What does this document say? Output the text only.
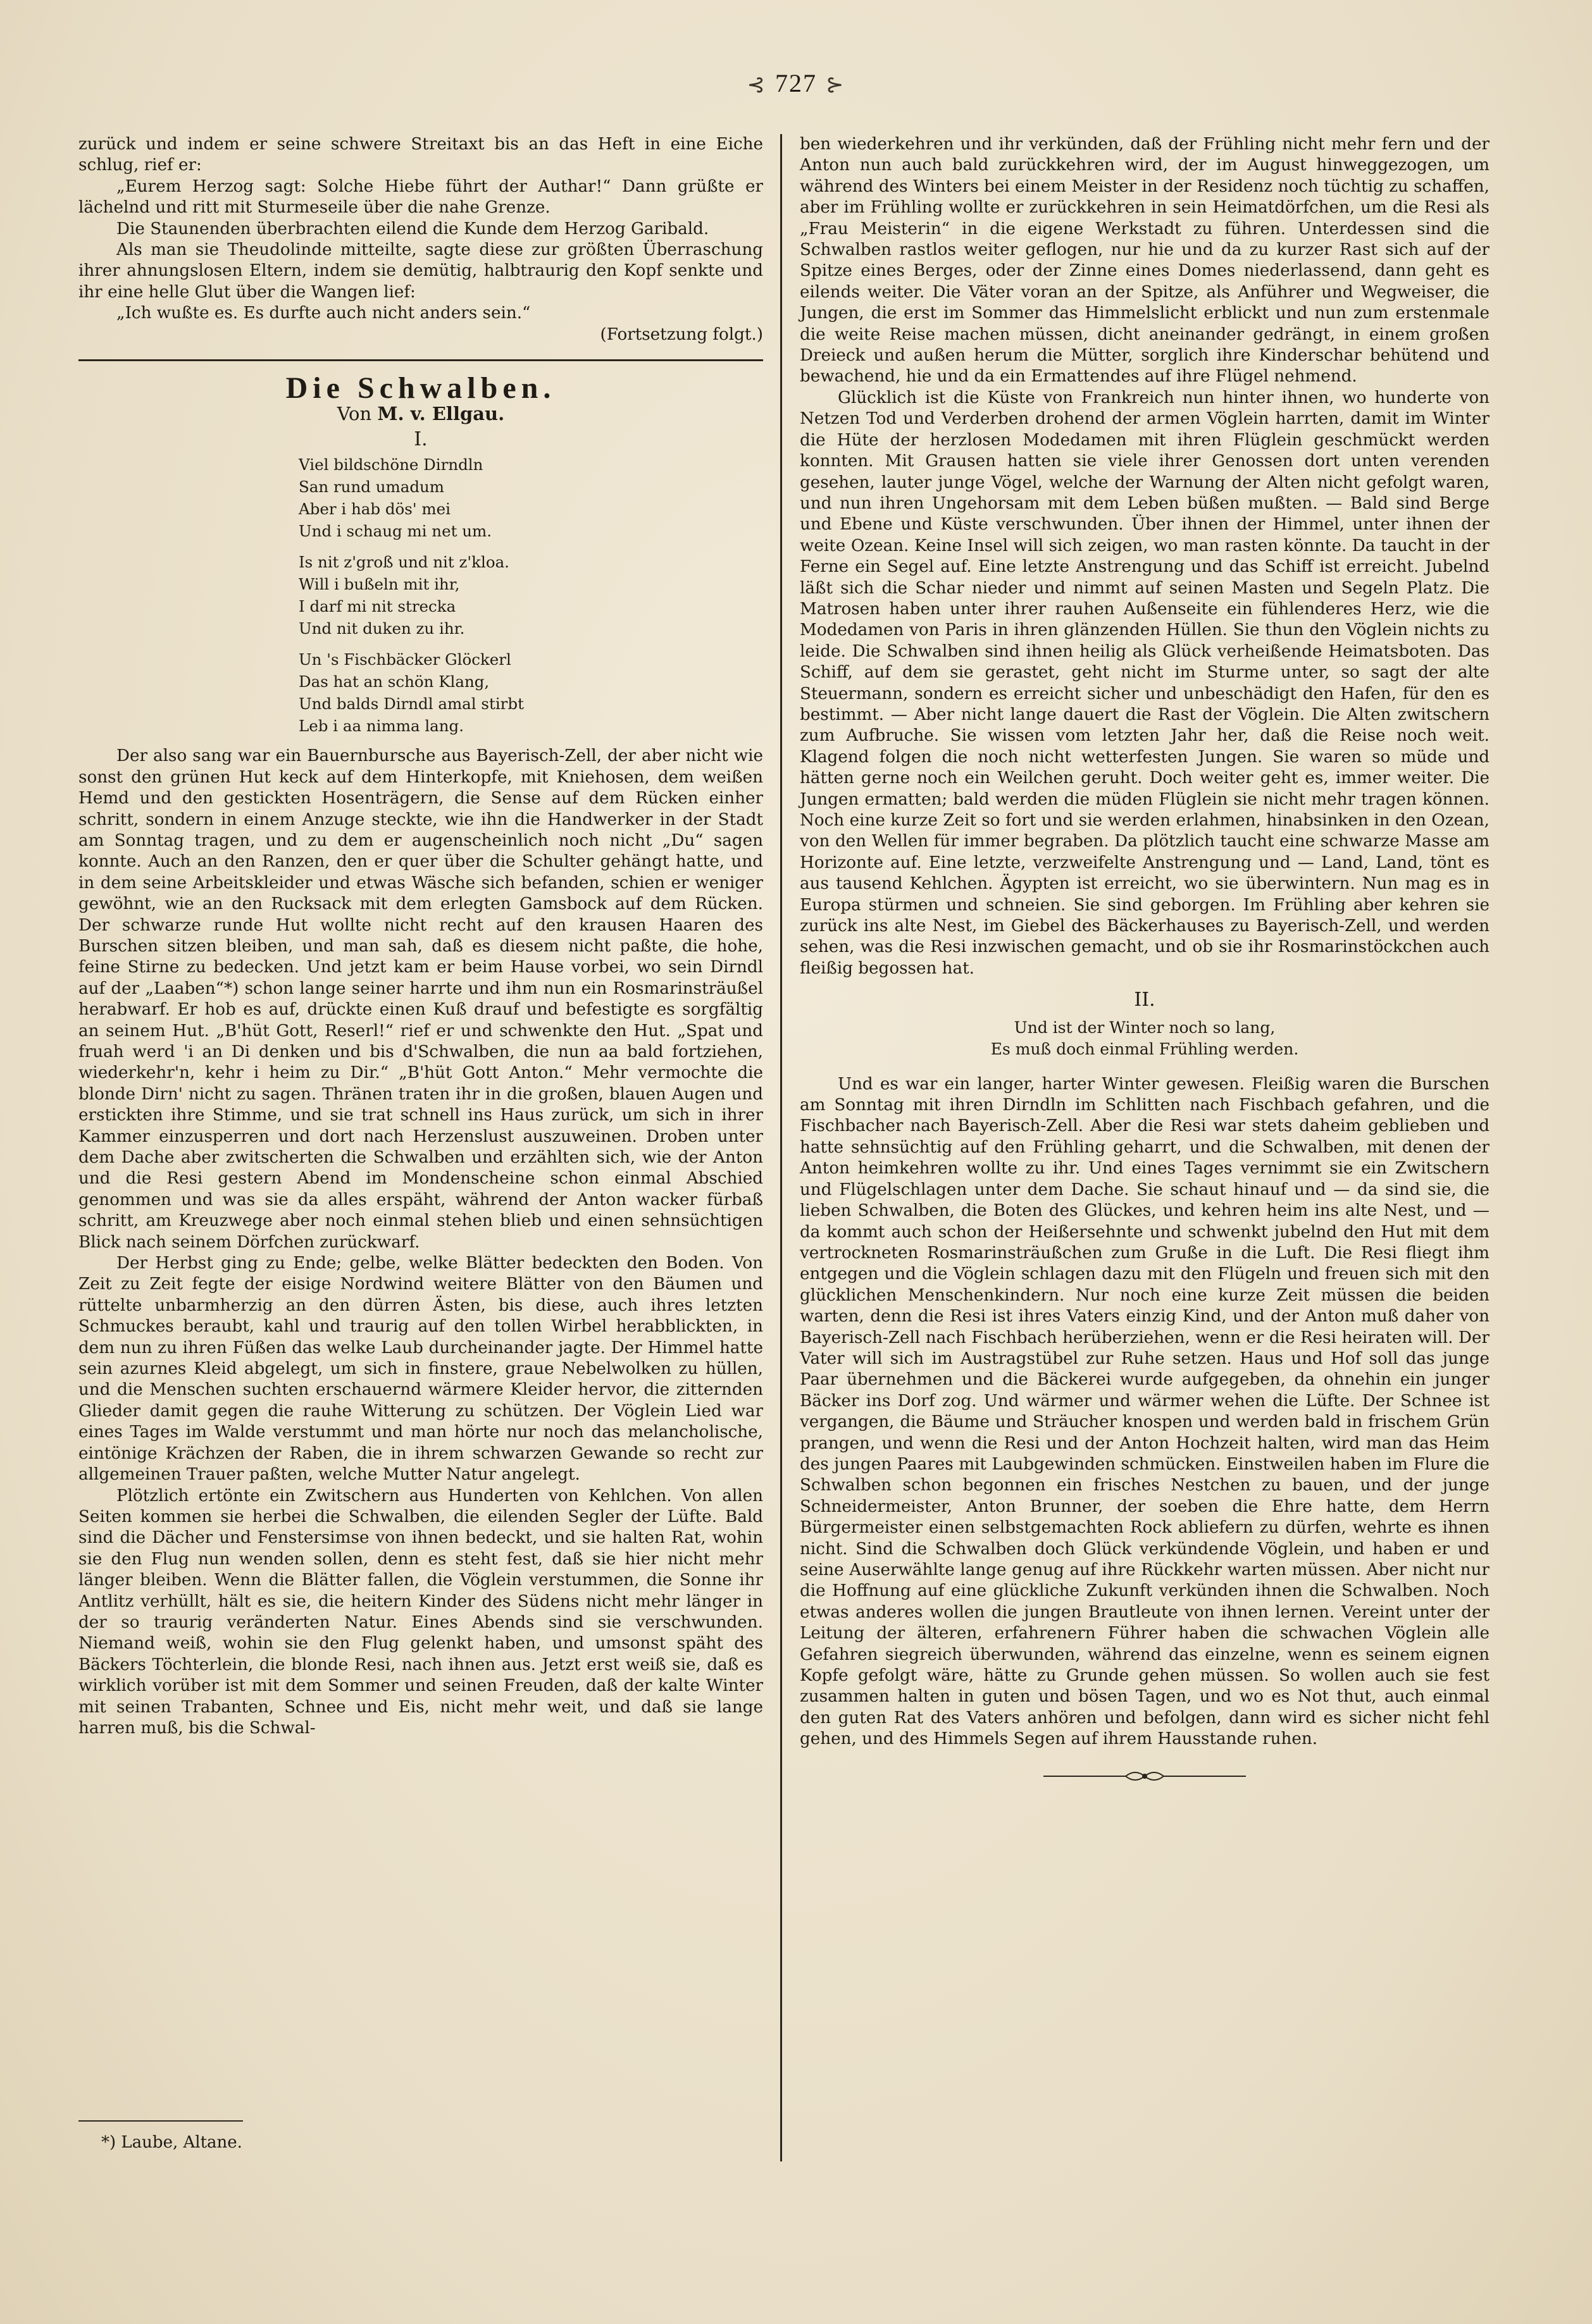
⊰ 727 ⊱

zurück und indem er seine schwere Streitaxt bis an das Heft in eine Eiche schlug, rief er:

„Eurem Herzog sagt: Solche Hiebe führt der Authar!“ Dann grüßte er lächelnd und ritt mit Sturmeseile über die nahe Grenze.

Die Staunenden überbrachten eilend die Kunde dem Herzog Garibald.

Als man sie Theudolinde mitteilte, sagte diese zur größten Überraschung ihrer ahnungslosen Eltern, indem sie demütig, halbtraurig den Kopf senkte und ihr eine helle Glut über die Wangen lief:

„Ich wußte es. Es durfte auch nicht anders sein.“

(Fortsetzung folgt.)

Die Schwalben.
Von M. v. Ellgau.
I.
Viel bildschöne Dirndln
San rund umadum
Aber i hab dös' mei
Und i schaug mi net um.
Is nit z'groß und nit z'kloa.
Will i bußeln mit ihr,
I darf mi nit strecka
Und nit duken zu ihr.
Un 's Fischbäcker Glöckerl
Das hat an schön Klang,
Und balds Dirndl amal stirbt
Leb i aa nimma lang.

Der also sang war ein Bauernbursche aus Bayerisch-Zell, der aber nicht wie sonst den grünen Hut keck auf dem Hinterkopfe, mit Kniehosen, dem weißen Hemd und den gestickten Hosenträgern, die Sense auf dem Rücken einher schritt, sondern in einem Anzuge steckte, wie ihn die Handwerker in der Stadt am Sonntag tragen, und zu dem er augenscheinlich noch nicht „Du“ sagen konnte. Auch an den Ranzen, den er quer über die Schulter gehängt hatte, und in dem seine Arbeitskleider und etwas Wäsche sich befanden, schien er weniger gewöhnt, wie an den Rucksack mit dem erlegten Gamsbock auf dem Rücken. Der schwarze runde Hut wollte nicht recht auf den krausen Haaren des Burschen sitzen bleiben, und man sah, daß es diesem nicht paßte, die hohe, feine Stirne zu bedecken. Und jetzt kam er beim Hause vorbei, wo sein Dirndl auf der „Laaben“*) schon lange seiner harrte und ihm nun ein Rosmarinsträußel herabwarf. Er hob es auf, drückte einen Kuß drauf und befestigte es sorgfältig an seinem Hut. „B'hüt Gott, Reserl!“ rief er und schwenkte den Hut. „Spat und fruah werd 'i an Di denken und bis d'Schwalben, die nun aa bald fortziehen, wiederkehr'n, kehr i heim zu Dir.“ „B'hüt Gott Anton.“ Mehr vermochte die blonde Dirn' nicht zu sagen. Thränen traten ihr in die großen, blauen Augen und erstickten ihre Stimme, und sie trat schnell ins Haus zurück, um sich in ihrer Kammer einzusperren und dort nach Herzenslust auszuweinen. Droben unter dem Dache aber zwitscherten die Schwalben und erzählten sich, wie der Anton und die Resi gestern Abend im Mondenscheine schon einmal Abschied genommen und was sie da alles erspäht, während der Anton wacker fürbaß schritt, am Kreuzwege aber noch einmal stehen blieb und einen sehnsüchtigen Blick nach seinem Dörfchen zurückwarf.

Der Herbst ging zu Ende; gelbe, welke Blätter bedeckten den Boden. Von Zeit zu Zeit fegte der eisige Nordwind weitere Blätter von den Bäumen und rüttelte unbarmherzig an den dürren Ästen, bis diese, auch ihres letzten Schmuckes beraubt, kahl und traurig auf den tollen Wirbel herabblickten, in dem nun zu ihren Füßen das welke Laub durcheinander jagte. Der Himmel hatte sein azurnes Kleid abgelegt, um sich in finstere, graue Nebelwolken zu hüllen, und die Menschen suchten erschauernd wärmere Kleider hervor, die zitternden Glieder damit gegen die rauhe Witterung zu schützen. Der Vöglein Lied war eines Tages im Walde verstummt und man hörte nur noch das melancholische, eintönige Krächzen der Raben, die in ihrem schwarzen Gewande so recht zur allgemeinen Trauer paßten, welche Mutter Natur angelegt.

Plötzlich ertönte ein Zwitschern aus Hunderten von Kehlchen. Von allen Seiten kommen sie herbei die Schwalben, die eilenden Segler der Lüfte. Bald sind die Dächer und Fenstersimse von ihnen bedeckt, und sie halten Rat, wohin sie den Flug nun wenden sollen, denn es steht fest, daß sie hier nicht mehr länger bleiben. Wenn die Blätter fallen, die Vöglein verstummen, die Sonne ihr Antlitz verhüllt, hält es sie, die heitern Kinder des Südens nicht mehr länger in der so traurig veränderten Natur. Eines Abends sind sie verschwunden. Niemand weiß, wohin sie den Flug gelenkt haben, und umsonst späht des Bäckers Töchterlein, die blonde Resi, nach ihnen aus. Jetzt erst weiß sie, daß es wirklich vorüber ist mit dem Sommer und seinen Freuden, daß der kalte Winter mit seinen Trabanten, Schnee und Eis, nicht mehr weit, und daß sie lange harren muß, bis die Schwal-

ben wiederkehren und ihr verkünden, daß der Frühling nicht mehr fern und der Anton nun auch bald zurückkehren wird, der im August hinweggezogen, um während des Winters bei einem Meister in der Residenz noch tüchtig zu schaffen, aber im Frühling wollte er zurückkehren in sein Heimatdörfchen, um die Resi als „Frau Meisterin“ in die eigene Werkstadt zu führen. Unterdessen sind die Schwalben rastlos weiter geflogen, nur hie und da zu kurzer Rast sich auf der Spitze eines Berges, oder der Zinne eines Domes niederlassend, dann geht es eilends weiter. Die Väter voran an der Spitze, als Anführer und Wegweiser, die Jungen, die erst im Sommer das Himmelslicht erblickt und nun zum erstenmale die weite Reise machen müssen, dicht aneinander gedrängt, in einem großen Dreieck und außen herum die Mütter, sorglich ihre Kinderschar behütend und bewachend, hie und da ein Ermattendes auf ihre Flügel nehmend.

Glücklich ist die Küste von Frankreich nun hinter ihnen, wo hunderte von Netzen Tod und Verderben drohend der armen Vöglein harrten, damit im Winter die Hüte der herzlosen Modedamen mit ihren Flüglein geschmückt werden konnten. Mit Grausen hatten sie viele ihrer Genossen dort unten verenden gesehen, lauter junge Vögel, welche der Warnung der Alten nicht gefolgt waren, und nun ihren Ungehorsam mit dem Leben büßen mußten. — Bald sind Berge und Ebene und Küste verschwunden. Über ihnen der Himmel, unter ihnen der weite Ozean. Keine Insel will sich zeigen, wo man rasten könnte. Da taucht in der Ferne ein Segel auf. Eine letzte Anstrengung und das Schiff ist erreicht. Jubelnd läßt sich die Schar nieder und nimmt auf seinen Masten und Segeln Platz. Die Matrosen haben unter ihrer rauhen Außenseite ein fühlenderes Herz, wie die Modedamen von Paris in ihren glänzenden Hüllen. Sie thun den Vöglein nichts zu leide. Die Schwalben sind ihnen heilig als Glück verheißende Heimatsboten. Das Schiff, auf dem sie gerastet, geht nicht im Sturme unter, so sagt der alte Steuermann, sondern es erreicht sicher und unbeschädigt den Hafen, für den es bestimmt. — Aber nicht lange dauert die Rast der Vöglein. Die Alten zwitschern zum Aufbruche. Sie wissen vom letzten Jahr her, daß die Reise noch weit. Klagend folgen die noch nicht wetterfesten Jungen. Sie waren so müde und hätten gerne noch ein Weilchen geruht. Doch weiter geht es, immer weiter. Die Jungen ermatten; bald werden die müden Flüglein sie nicht mehr tragen können. Noch eine kurze Zeit so fort und sie werden erlahmen, hinabsinken in den Ozean, von den Wellen für immer begraben. Da plötzlich taucht eine schwarze Masse am Horizonte auf. Eine letzte, verzweifelte Anstrengung und — Land, Land, tönt es aus tausend Kehlchen. Ägypten ist erreicht, wo sie überwintern. Nun mag es in Europa stürmen und schneien. Sie sind geborgen. Im Frühling aber kehren sie zurück ins alte Nest, im Giebel des Bäckerhauses zu Bayerisch-Zell, und werden sehen, was die Resi inzwischen gemacht, und ob sie ihr Rosmarinstöckchen auch fleißig begossen hat.

II.
Und ist der Winter noch so lang,
Es muß doch einmal Frühling werden.

Und es war ein langer, harter Winter gewesen. Fleißig waren die Burschen am Sonntag mit ihren Dirndln im Schlitten nach Fischbach gefahren, und die Fischbacher nach Bayerisch-Zell. Aber die Resi war stets daheim geblieben und hatte sehnsüchtig auf den Frühling geharrt, und die Schwalben, mit denen der Anton heimkehren wollte zu ihr. Und eines Tages vernimmt sie ein Zwitschern und Flügelschlagen unter dem Dache. Sie schaut hinauf und — da sind sie, die lieben Schwalben, die Boten des Glückes, und kehren heim ins alte Nest, und — da kommt auch schon der Heißersehnte und schwenkt jubelnd den Hut mit dem vertrockneten Rosmarinsträußchen zum Gruße in die Luft. Die Resi fliegt ihm entgegen und die Vöglein schlagen dazu mit den Flügeln und freuen sich mit den glücklichen Menschenkindern. Nur noch eine kurze Zeit müssen die beiden warten, denn die Resi ist ihres Vaters einzig Kind, und der Anton muß daher von Bayerisch-Zell nach Fischbach herüberziehen, wenn er die Resi heiraten will. Der Vater will sich im Austragstübel zur Ruhe setzen. Haus und Hof soll das junge Paar übernehmen und die Bäckerei wurde aufgegeben, da ohnehin ein junger Bäcker ins Dorf zog. Und wärmer und wärmer wehen die Lüfte. Der Schnee ist vergangen, die Bäume und Sträucher knospen und werden bald in frischem Grün prangen, und wenn die Resi und der Anton Hochzeit halten, wird man das Heim des jungen Paares mit Laubgewinden schmücken. Einstweilen haben im Flure die Schwalben schon begonnen ein frisches Nestchen zu bauen, und der junge Schneidermeister, Anton Brunner, der soeben die Ehre hatte, dem Herrn Bürgermeister einen selbstgemachten Rock abliefern zu dürfen, wehrte es ihnen nicht. Sind die Schwalben doch Glück verkündende Vöglein, und haben er und seine Auserwählte lange genug auf ihre Rückkehr warten müssen. Aber nicht nur die Hoffnung auf eine glückliche Zukunft verkünden ihnen die Schwalben. Noch etwas anderes wollen die jungen Brautleute von ihnen lernen. Vereint unter der Leitung der älteren, erfahrenern Führer haben die schwachen Vöglein alle Gefahren siegreich überwunden, während das einzelne, wenn es seinem eignen Kopfe gefolgt wäre, hätte zu Grunde gehen müssen. So wollen auch sie fest zusammen halten in guten und bösen Tagen, und wo es Not thut, auch einmal den guten Rat des Vaters anhören und befolgen, dann wird es sicher nicht fehl gehen, und des Himmels Segen auf ihrem Hausstande ruhen.

*) Laube, Altane.
